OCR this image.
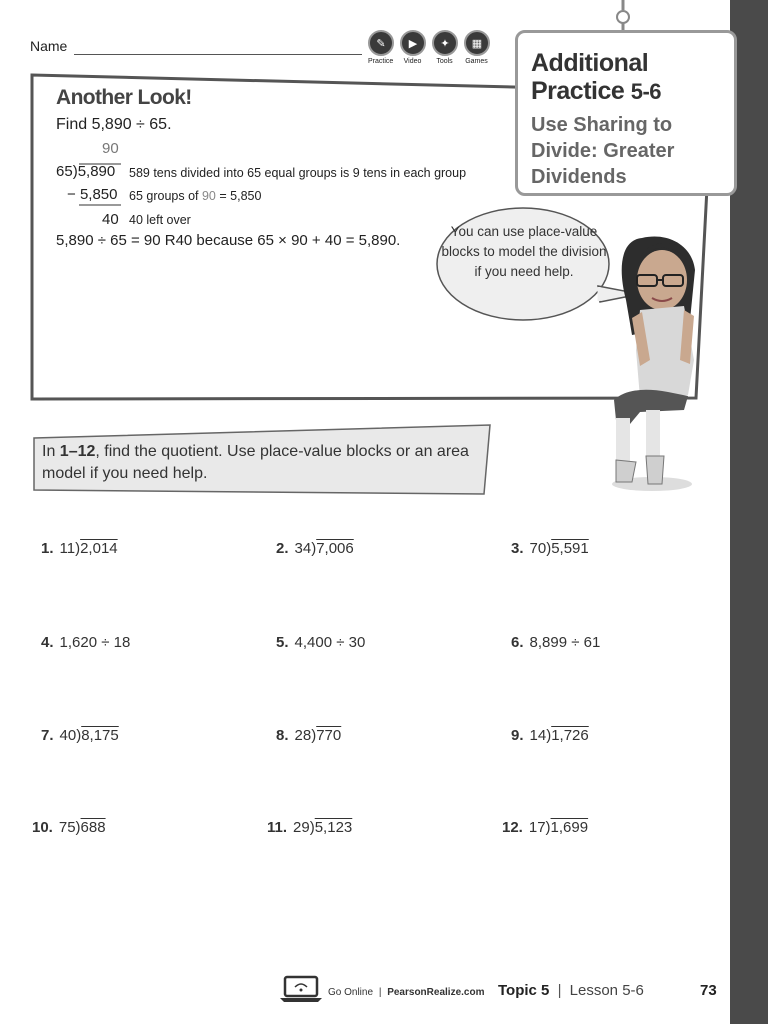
Name	✎
Practice
▶
Video
✦
Tools
▦
Games Additional
Practice 5-6
Use Sharing to
Divide: Greater
Dividends
Another Look!
Find 5,890 ÷ 65.
90
65)5,890 589 tens divided into 65 equal groups is 9 tens in each group
− 5,850 65 groups of 90 = 5,850
40 40 left over
5,890 ÷ 65 = 90 R40 because 65 × 90 + 40 = 5,890.
You can use place-value blocks to model the division if you need help.
In 1–12, find the quotient. Use place-value blocks or an area model if you need help.
1. 11)2,014	2. 34)7,006	3. 70)5,591
4. 1,620 ÷ 18	5. 4,400 ÷ 30	6. 8,899 ÷ 61
7. 40)8,175	8. 28)770	9. 14)1,726
10. 75)688	11. 29)5,123	12. 17)1,699
Go Online | PearsonRealize.com Topic 5 | Lesson 5-6	73
